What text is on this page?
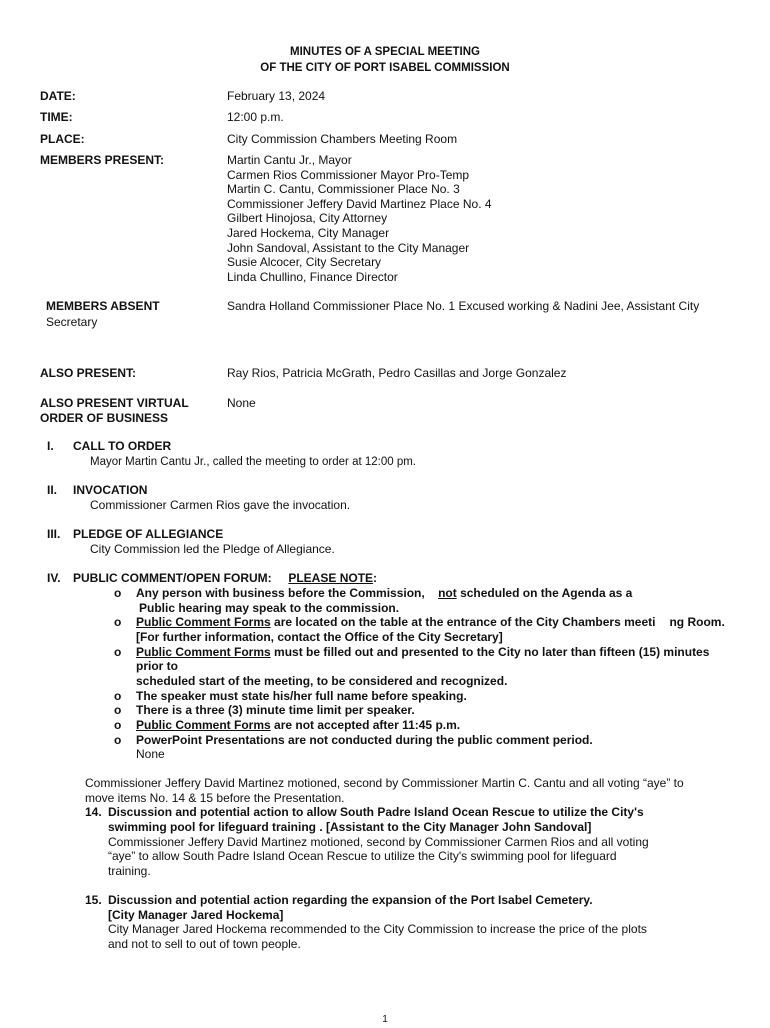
MINUTES OF A SPECIAL MEETING
OF THE CITY OF PORT ISABEL COMMISSION
DATE:	February 13, 2024
TIME:	12:00 p.m.
PLACE:	City Commission Chambers Meeting Room
MEMBERS PRESENT:	Martin Cantu Jr., Mayor
Carmen Rios Commissioner Mayor Pro-Temp
Martin C. Cantu, Commissioner Place No. 3
Commissioner Jeffery David Martinez Place No. 4
Gilbert Hinojosa, City Attorney
Jared Hockema, City Manager
John Sandoval, Assistant to the City Manager
Susie Alcocer, City Secretary
Linda Chullino, Finance Director
MEMBERS ABSENT	Sandra Holland Commissioner Place No. 1 Excused working & Nadini Jee, Assistant City
Secretary
ALSO PRESENT:	Ray Rios, Patricia McGrath, Pedro Casillas and Jorge Gonzalez
ALSO PRESENT VIRTUAL	None
ORDER OF BUSINESS
I. CALL TO ORDER
Mayor Martin Cantu Jr., called the meeting to order at 12:00 pm.
II. INVOCATION
Commissioner Carmen Rios gave the invocation.
III. PLEDGE OF ALLEGIANCE
City Commission led the Pledge of Allegiance.
IV. PUBLIC COMMENT/OPEN FORUM: PLEASE NOTE:
o Any person with business before the Commission, not scheduled on the Agenda as a
Public hearing may speak to the commission.
o Public Comment Forms are located on the table at the entrance of the City Chambers meeti ng Room.
[For further information, contact the Office of the City Secretary]
o Public Comment Forms must be filled out and presented to the City no later than fifteen (15) minutes
prior to
scheduled start of the meeting, to be considered and recognized.
o The speaker must state his/her full name before speaking.
o There is a three (3) minute time limit per speaker.
o Public Comment Forms are not accepted after 11:45 p.m.
o PowerPoint Presentations are not conducted during the public comment period.
None
Commissioner Jeffery David Martinez motioned, second by Commissioner Martin C. Cantu and all voting “aye” to
move items No. 14 & 15 before the Presentation.
14. Discussion and potential action to allow South Padre Island Ocean Rescue to utilize the City's
swimming pool for lifeguard training . [Assistant to the City Manager John Sandoval]
Commissioner Jeffery David Martinez motioned, second by Commissioner Carmen Rios and all voting
“aye” to allow South Padre Island Ocean Rescue to utilize the City's swimming pool for lifeguard
training.
15. Discussion and potential action regarding the expansion of the Port Isabel Cemetery.
[City Manager Jared Hockema]
City Manager Jared Hockema recommended to the City Commission to increase the price of the plots
and not to sell to out of town people.
1
